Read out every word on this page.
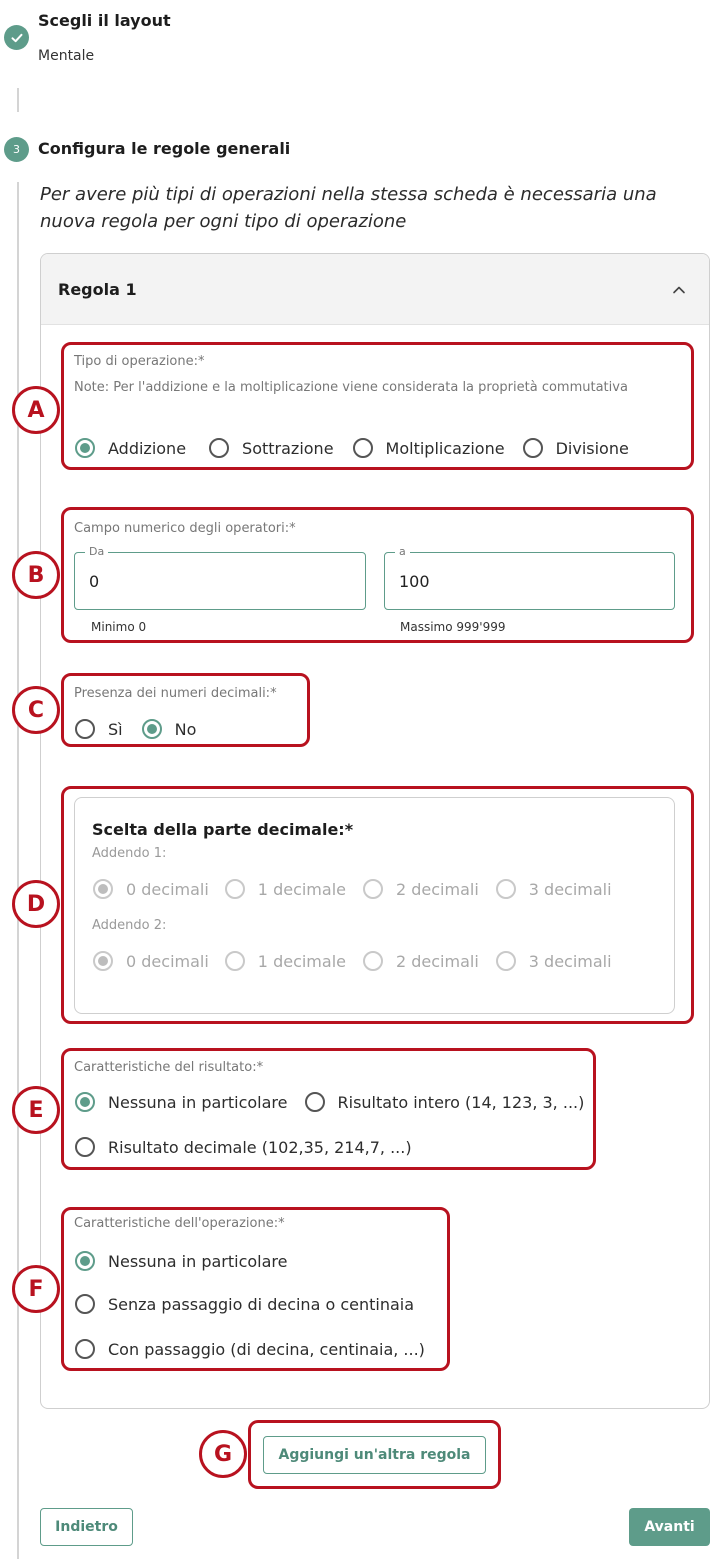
Scegli il layout
Mentale
3	Configura le regole generali
Per avere più tipi di operazioni nella stessa scheda è necessaria una nuova regola per ogni tipo di operazione
Regola 1
Tipo di operazione:*
Note: Per l'addizione e la moltiplicazione viene considerata la proprietà commutativa
Addizione	Sottrazione	Moltiplicazione	Divisione
Campo numerico degli operatori:*
Da
0	a
100
Minimo 0	Massimo 999'999
Presenza dei numeri decimali:*
Sì	No
Scelta della parte decimale:*
Addendo 1:
0 decimali	1 decimale	2 decimali	3 decimali
Addendo 2:
0 decimali	1 decimale	2 decimali	3 decimali
Caratteristiche del risultato:*
Nessuna in particolare	Risultato intero (14, 123, 3, ...)
Risultato decimale (102,35, 214,7, ...)
Caratteristiche dell'operazione:*
Nessuna in particolare
Senza passaggio di decina o centinaia
Con passaggio (di decina, centinaia, ...)
Aggiungi un'altra regola
Indietro	Avanti
A
B
C
D
E
F
G
